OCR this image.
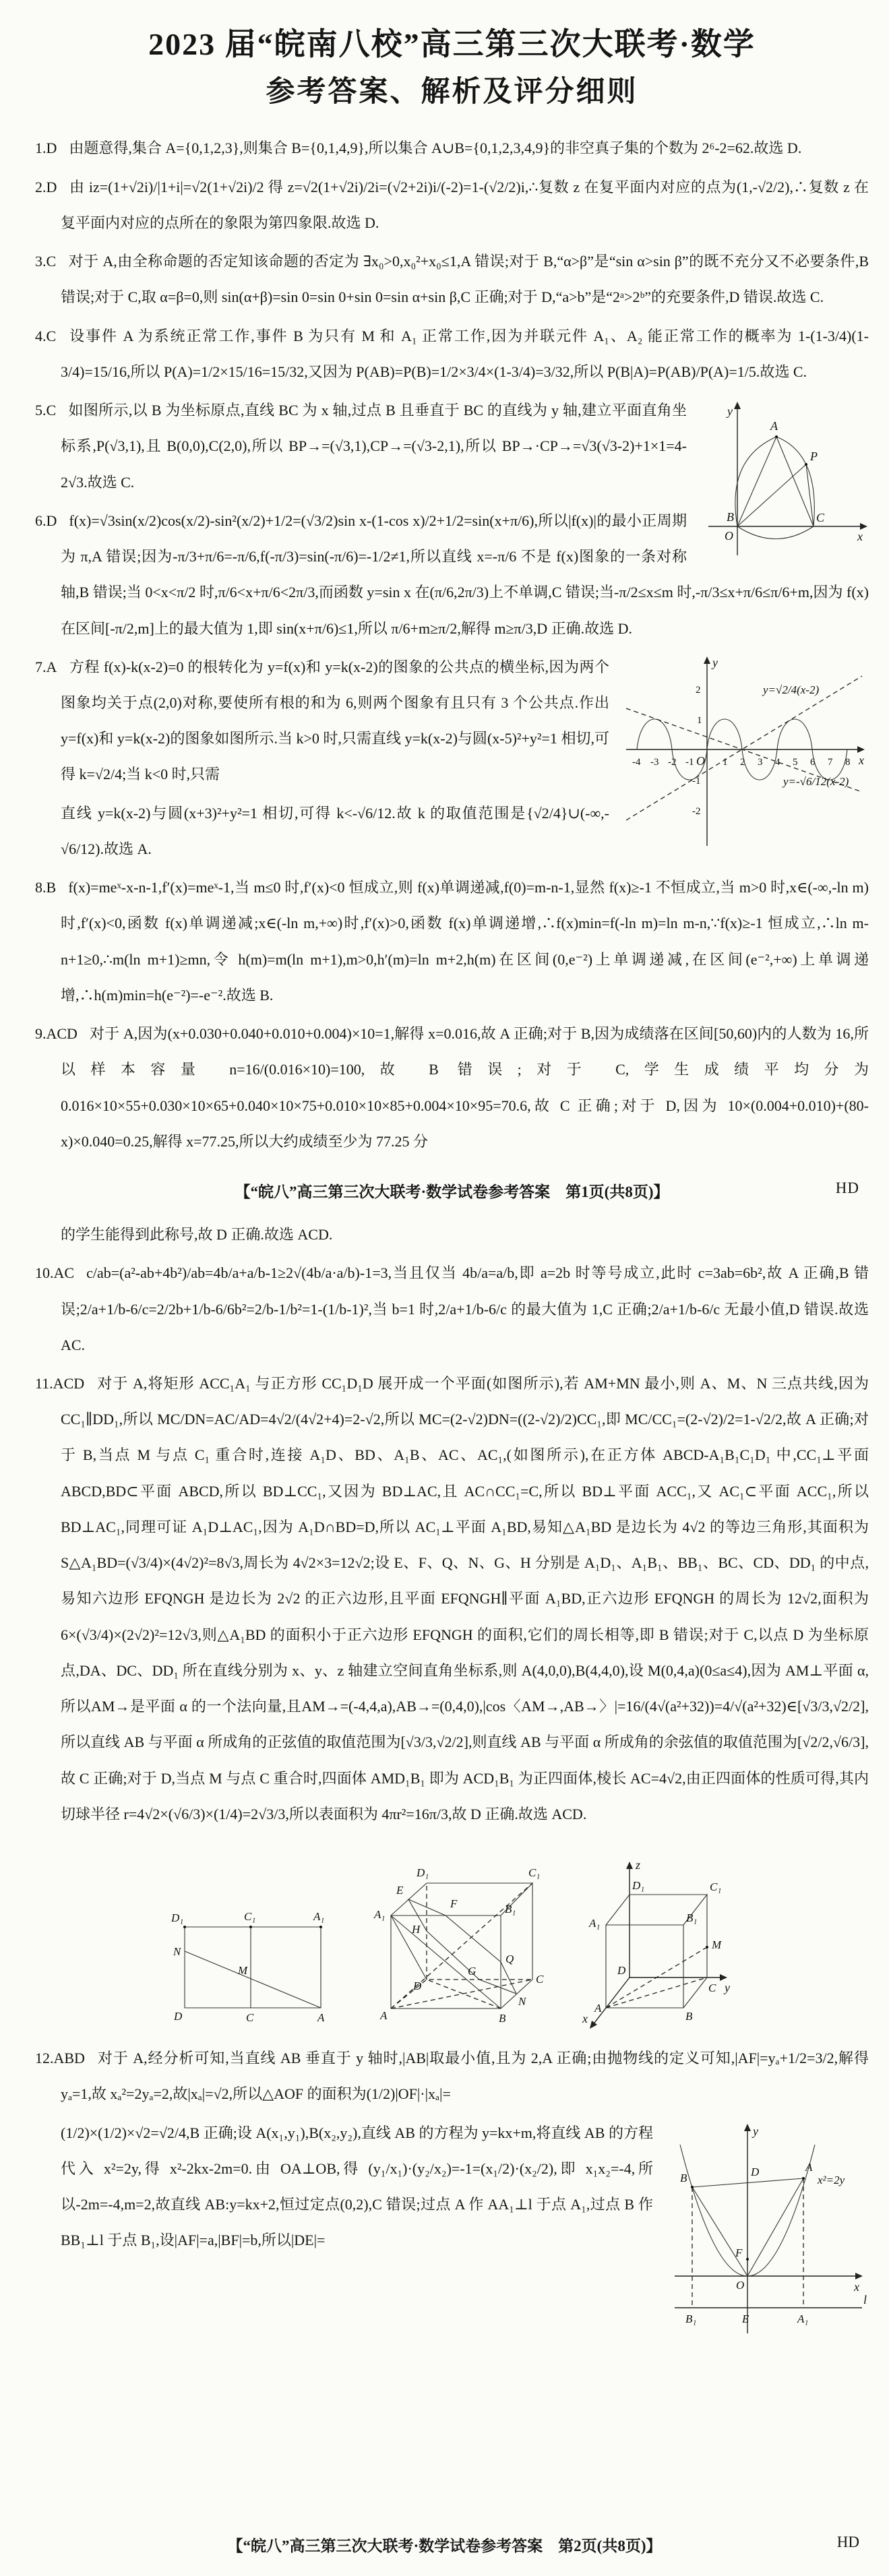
2023 届“皖南八校”高三第三次大联考·数学
参考答案、解析及评分细则

1.D 由题意得,集合 A={0,1,2,3},则集合 B={0,1,4,9},所以集合 A∪B={0,1,2,3,4,9}的非空真子集的个数为 2⁶-2=62.故选 D.

2.D 由 iz=(1+√2i)/|1+i|=√2(1+√2i)/2 得 z=√2(1+√2i)/2i=(√2+2i)i/(-2)=1-(√2/2)i,∴复数 z 在复平面内对应的点为(1,-√2/2),∴复数 z 在复平面内对应的点所在的象限为第四象限.故选 D.

3.C 对于 A,由全称命题的否定知该命题的否定为 ∃x₀>0,x₀²+x₀≤1,A 错误;对于 B,“α>β”是“sin α>sin β”的既不充分又不必要条件,B 错误;对于 C,取 α=β=0,则 sin(α+β)=sin 0=sin 0+sin 0=sin α+sin β,C 正确;对于 D,“a>b”是“2ᵃ>2ᵇ”的充要条件,D 错误.故选 C.

4.C 设事件 A 为系统正常工作,事件 B 为只有 M 和 A₁ 正常工作,因为并联元件 A₁、A₂ 能正常工作的概率为 1-(1-3/4)(1-3/4)=15/16,所以 P(A)=1/2×15/16=15/32,又因为 P(AB)=P(B)=1/2×3/4×(1-3/4)=3/32,所以 P(B|A)=P(AB)/P(A)=1/5.故选 C.

y
x
O
B	C
A
P

5.C 如图所示,以 B 为坐标原点,直线 BC 为 x 轴,过点 B 且垂直于 BC 的直线为 y 轴,建立平面直角坐标系,P(√3,1),且 B(0,0),C(2,0),所以 BP→=(√3,1),CP→=(√3-2,1),所以 BP→·CP→=√3(√3-2)+1×1=4-2√3.故选 C.

6.D f(x)=√3sin(x/2)cos(x/2)-sin²(x/2)+1/2=(√3/2)sin x-(1-cos x)/2+1/2=sin(x+π/6),所以|f(x)|的最小正周期为 π,A 错误;因为-π/3+π/6=-π/6,f(-π/3)=sin(-π/6)=-1/2≠1,所以直线 x=-π/6 不是 f(x)图象的一条对称轴,B 错误;当 0<x<π/2 时,π/6<x+π/6<2π/3,而函数 y=sin x 在(π/6,2π/3)上不单调,C 错误;当-π/2≤x≤m 时,-π/3≤x+π/6≤π/6+m,因为 f(x)在区间[-π/2,m]上的最大值为 1,即 sin(x+π/6)≤1,所以 π/6+m≥π/2,解得 m≥π/3,D 正确.故选 D.

-4 -3 -2 -1	1 2 3 4 5 6 7 8
2
1
-1
-2
O
y
x
y=√2/4(x-2)
y=-√6/12(x-2)

7.A 方程 f(x)-k(x-2)=0 的根转化为 y=f(x)和 y=k(x-2)的图象的公共点的横坐标,因为两个图象均关于点(2,0)对称,要使所有根的和为 6,则两个图象有且只有 3 个公共点.作出 y=f(x)和 y=k(x-2)的图象如图所示.当 k>0 时,只需直线 y=k(x-2)与圆(x-5)²+y²=1 相切,可得 k=√2/4;当 k<0 时,只需

直线 y=k(x-2)与圆(x+3)²+y²=1 相切,可得 k<-√6/12.故 k 的取值范围是{√2/4}∪(-∞,-√6/12).故选 A.

8.B f(x)=meˣ-x-n-1,f′(x)=meˣ-1,当 m≤0 时,f′(x)<0 恒成立,则 f(x)单调递减,f(0)=m-n-1,显然 f(x)≥-1 不恒成立,当 m>0 时,x∈(-∞,-ln m)时,f′(x)<0,函数 f(x)单调递减;x∈(-ln m,+∞)时,f′(x)>0,函数 f(x)单调递增,∴f(x)min=f(-ln m)=ln m-n,∵f(x)≥-1 恒成立,∴ln m-n+1≥0,∴m(ln m+1)≥mn,令 h(m)=m(ln m+1),m>0,h′(m)=ln m+2,h(m)在区间(0,e⁻²)上单调递减,在区间(e⁻²,+∞)上单调递增,∴h(m)min=h(e⁻²)=-e⁻².故选 B.

9.ACD 对于 A,因为(x+0.030+0.040+0.010+0.004)×10=1,解得 x=0.016,故 A 正确;对于 B,因为成绩落在区间[50,60)内的人数为 16,所以样本容量 n=16/(0.016×10)=100,故 B 错误;对于 C,学生成绩平均分为 0.016×10×55+0.030×10×65+0.040×10×75+0.010×10×85+0.004×10×95=70.6,故 C 正确;对于 D,因为 10×(0.004+0.010)+(80-x)×0.040=0.25,解得 x=77.25,所以大约成绩至少为 77.25 分

【“皖八”高三第三次大联考·数学试卷参考答案　第1页(共8页)】	HD

的学生能得到此称号,故 D 正确.故选 ACD.

10.AC c/ab=(a²-ab+4b²)/ab=4b/a+a/b-1≥2√(4b/a·a/b)-1=3,当且仅当 4b/a=a/b,即 a=2b 时等号成立,此时 c=3ab=6b²,故 A 正确,B 错误;2/a+1/b-6/c=2/2b+1/b-6/6b²=2/b-1/b²=1-(1/b-1)²,当 b=1 时,2/a+1/b-6/c 的最大值为 1,C 正确;2/a+1/b-6/c 无最小值,D 错误.故选 AC.

11.ACD 对于 A,将矩形 ACC₁A₁ 与正方形 CC₁D₁D 展开成一个平面(如图所示),若 AM+MN 最小,则 A、M、N 三点共线,因为 CC₁∥DD₁,所以 MC/DN=AC/AD=4√2/(4√2+4)=2-√2,所以 MC=(2-√2)DN=((2-√2)/2)CC₁,即 MC/CC₁=(2-√2)/2=1-√2/2,故 A 正确;对于 B,当点 M 与点 C₁ 重合时,连接 A₁D、BD、A₁B、AC、AC₁,(如图所示),在正方体 ABCD-A₁B₁C₁D₁ 中,CC₁⊥平面 ABCD,BD⊂平面 ABCD,所以 BD⊥CC₁,又因为 BD⊥AC,且 AC∩CC₁=C,所以 BD⊥平面 ACC₁,又 AC₁⊂平面 ACC₁,所以 BD⊥AC₁,同理可证 A₁D⊥AC₁,因为 A₁D∩BD=D,所以 AC₁⊥平面 A₁BD,易知△A₁BD 是边长为 4√2 的等边三角形,其面积为 S△A₁BD=(√3/4)×(4√2)²=8√3,周长为 4√2×3=12√2;设 E、F、Q、N、G、H 分别是 A₁D₁、A₁B₁、BB₁、BC、CD、DD₁ 的中点,易知六边形 EFQNGH 是边长为 2√2 的正六边形,且平面 EFQNGH∥平面 A₁BD,正六边形 EFQNGH 的周长为 12√2,面积为 6×(√3/4)×(2√2)²=12√3,则△A₁BD 的面积小于正六边形 EFQNGH 的面积,它们的周长相等,即 B 错误;对于 C,以点 D 为坐标原点,DA、DC、DD₁ 所在直线分别为 x、y、z 轴建立空间直角坐标系,则 A(4,0,0),B(4,4,0),设 M(0,4,a)(0≤a≤4),因为 AM⊥平面 α,所以AM→是平面 α 的一个法向量,且AM→=(-4,4,a),AB→=(0,4,0),|cos〈AM→,AB→〉|=16/(4√(a²+32))=4/√(a²+32)∈[√3/3,√2/2],所以直线 AB 与平面 α 所成角的正弦值的取值范围为[√3/3,√2/2],则直线 AB 与平面 α 所成角的余弦值的取值范围为[√2/2,√6/3],故 C 正确;对于 D,当点 M 与点 C 重合时,四面体 AMD₁B₁ 即为 ACD₁B₁ 为正四面体,棱长 AC=4√2,由正四面体的性质可得,其内切球半径 r=4√2×(√6/3)×(1/4)=2√3/3,所以表面积为 4πr²=16π/3,故 D 正确.故选 ACD.

D₁	C₁	A₁
N
M
D	C	A
E
F
A₁
H
B₁
Q
G
D
C
N
A	B
D₁	C₁
z
D₁	C₁
A₁	B₁
M
D
C
A
B
x
y

12.ABD 对于 A,经分析可知,当直线 AB 垂直于 y 轴时,|AB|取最小值,且为 2,A 正确;由抛物线的定义可知,|AF|=yₐ+1/2=3/2,解得 yₐ=1,故 xₐ²=2yₐ=2,故|xₐ|=√2,所以△AOF 的面积为(1/2)|OF|·|xₐ|=

y
D	A
x²=2y
B
F
O	x
l
B₁	E	A₁

(1/2)×(1/2)×√2=√2/4,B 正确;设 A(x₁,y₁),B(x₂,y₂),直线 AB 的方程为 y=kx+m,将直线 AB 的方程代入 x²=2y,得 x²-2kx-2m=0.由 OA⊥OB,得 (y₁/x₁)·(y₂/x₂)=-1=(x₁/2)·(x₂/2),即 x₁x₂=-4,所以-2m=-4,m=2,故直线 AB:y=kx+2,恒过定点(0,2),C 错误;过点 A 作 AA₁⊥l 于点 A₁,过点 B 作 BB₁⊥l 于点 B₁,设|AF|=a,|BF|=b,所以|DE|=

【“皖八”高三第三次大联考·数学试卷参考答案　第2页(共8页)】	HD
